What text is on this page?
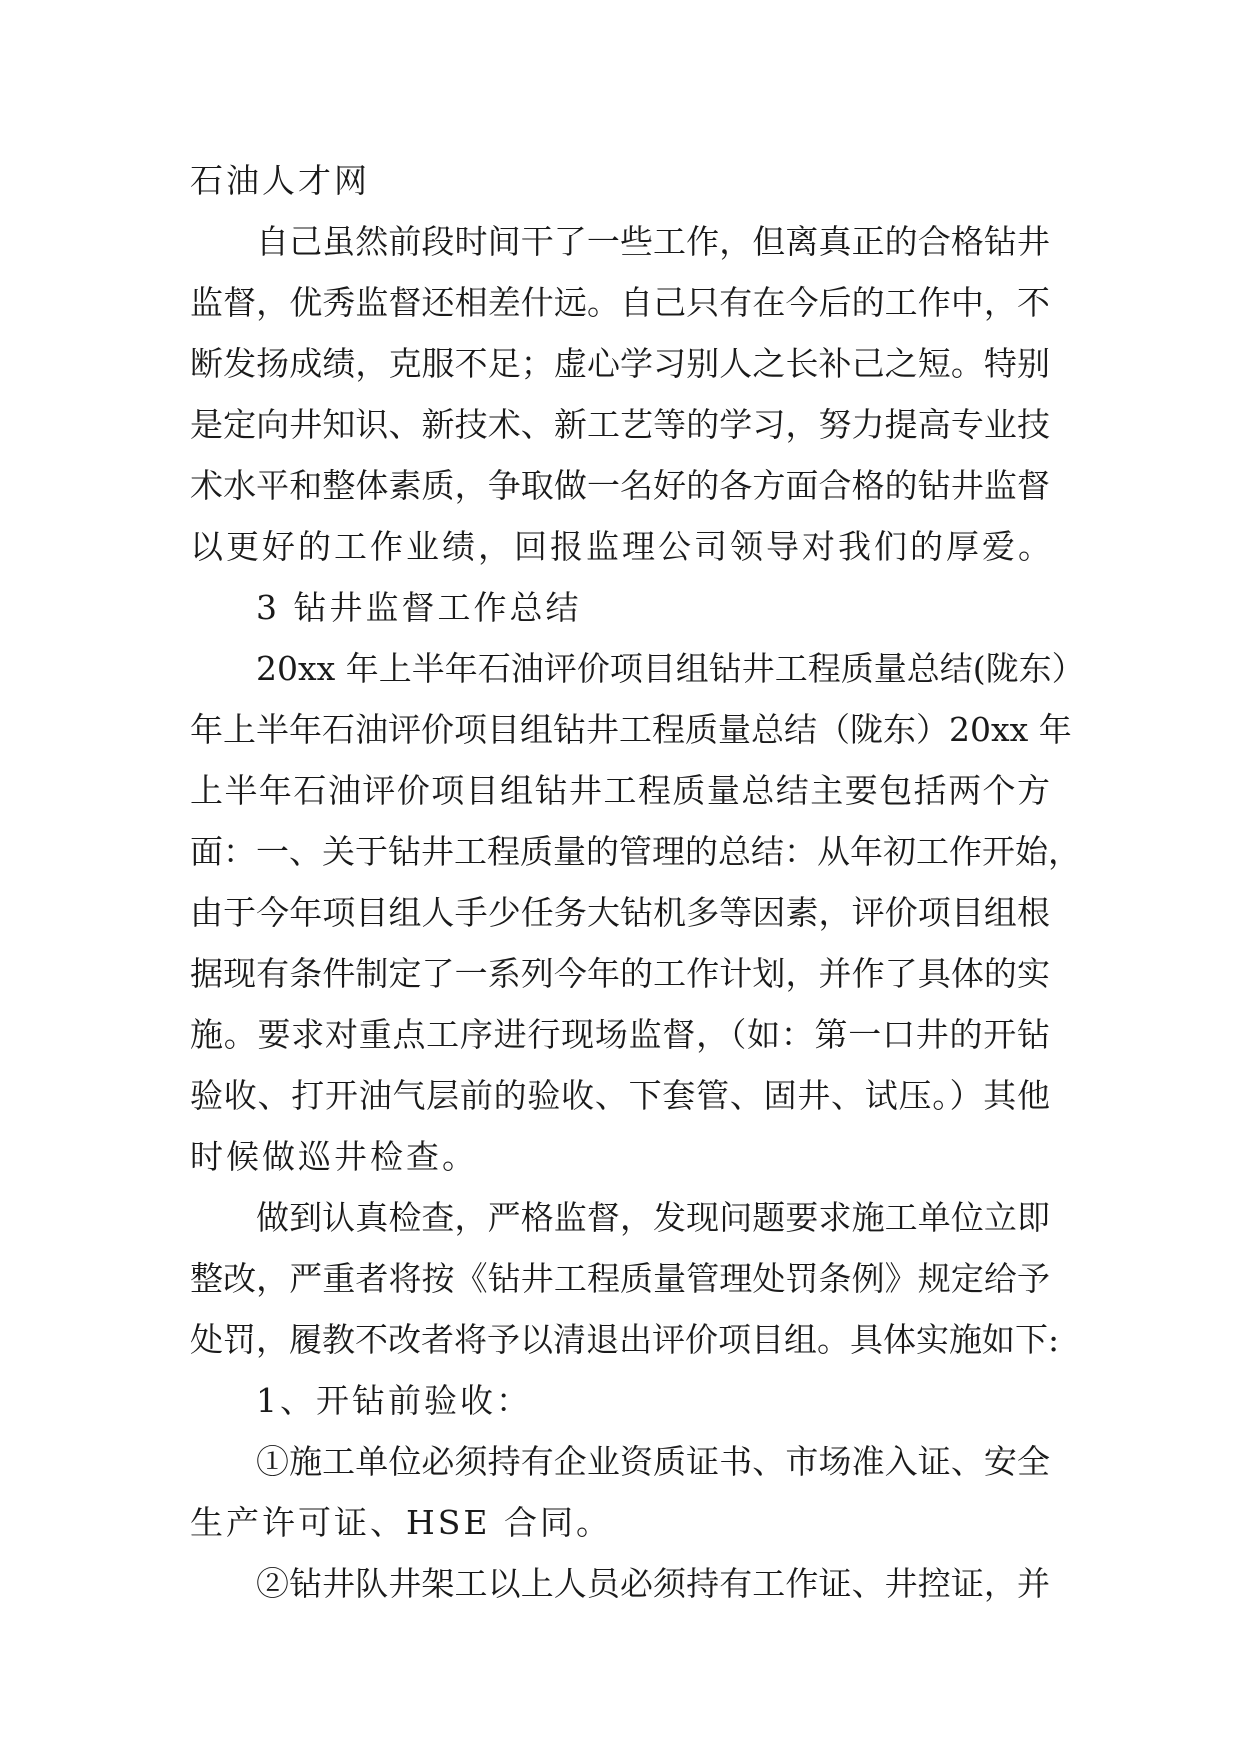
石油人才网
自己虽然前段时间干了一些工作，但离真正的合格钻井
监督，优秀监督还相差什远。自己只有在今后的工作中，不
断发扬成绩，克服不足；虚心学习别人之长补己之短。特别
是定向井知识、新技术、新工艺等的学习，努力提高专业技
术水平和整体素质，争取做一名好的各方面合格的钻井监督
以更好的工作业绩，回报监理公司领导对我们的厚爱。
3 钻井监督工作总结
20xx 年上半年石油评价项目组钻井工程质量总结(陇东）
年上半年石油评价项目组钻井工程质量总结（陇东）20xx 年
上半年石油评价项目组钻井工程质量总结主要包括两个方
面：一、关于钻井工程质量的管理的总结：从年初工作开始，
由于今年项目组人手少任务大钻机多等因素，评价项目组根
据现有条件制定了一系列今年的工作计划，并作了具体的实
施。要求对重点工序进行现场监督，（如：第一口井的开钻
验收、打开油气层前的验收、下套管、固井、试压。）其他
时候做巡井检查。
做到认真检查，严格监督，发现问题要求施工单位立即
整改，严重者将按《钻井工程质量管理处罚条例》规定给予
处罚，履教不改者将予以清退出评价项目组。具体实施如下:
1、开钻前验收：
①施工单位必须持有企业资质证书、市场准入证、安全
生产许可证、HSE 合同。
②钻井队井架工以上人员必须持有工作证、井控证，并
